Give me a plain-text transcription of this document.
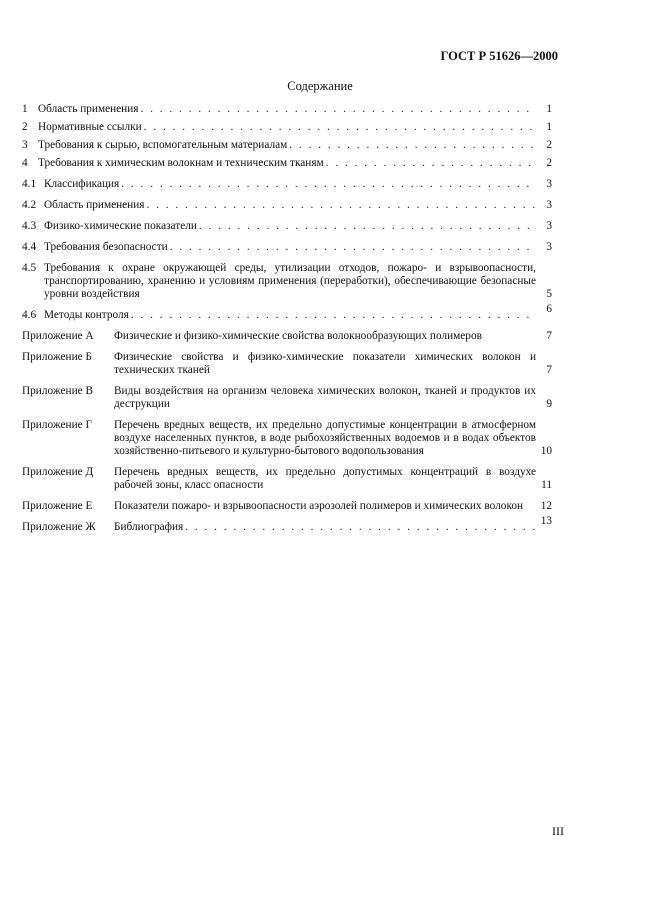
ГОСТ Р 51626—2000
Содержание
1 Область применения . . .	1
2 Нормативные ссылки . . .	1
3 Требования к сырью, вспомогательным материалам . . .	2
4 Требования к химическим волокнам и техническим тканям . . .	2
4.1 Классификация . . .	3
4.2 Область применения . . .	3
4.3 Физико-химические показатели . . .	3
4.4 Требования безопасности . . .	3
4.5 Требования к охране окружающей среды, утилизации отходов, пожаро- и взрывоопасности, транспортированию, хранению и условиям применения (переработки), обеспечивающие безопасные уровни воздействия	5
4.6 Методы контроля . . .	6
Приложение А Физические и физико-химические свойства волокнообразующих полимеров	7
Приложение Б Физические свойства и физико-химические показатели химических волокон и технических тканей	7
Приложение В Виды воздействия на организм человека химических волокон, тканей и продуктов их деструкции	9
Приложение Г Перечень вредных веществ, их предельно допустимые концентрации в атмосферном воздухе населенных пунктов, в воде рыбохозяйственных водоемов и в водах объектов хозяйственно-питьевого и культурно-бытового водопользования	10
Приложение Д Перечень вредных веществ, их предельно допустимых концентраций в воздухе рабочей зоны, класс опасности	11
Приложение Е Показатели пожаро- и взрывоопасности аэрозолей полимеров и химических волокон	12
Приложение Ж Библиография . . .	13
III
